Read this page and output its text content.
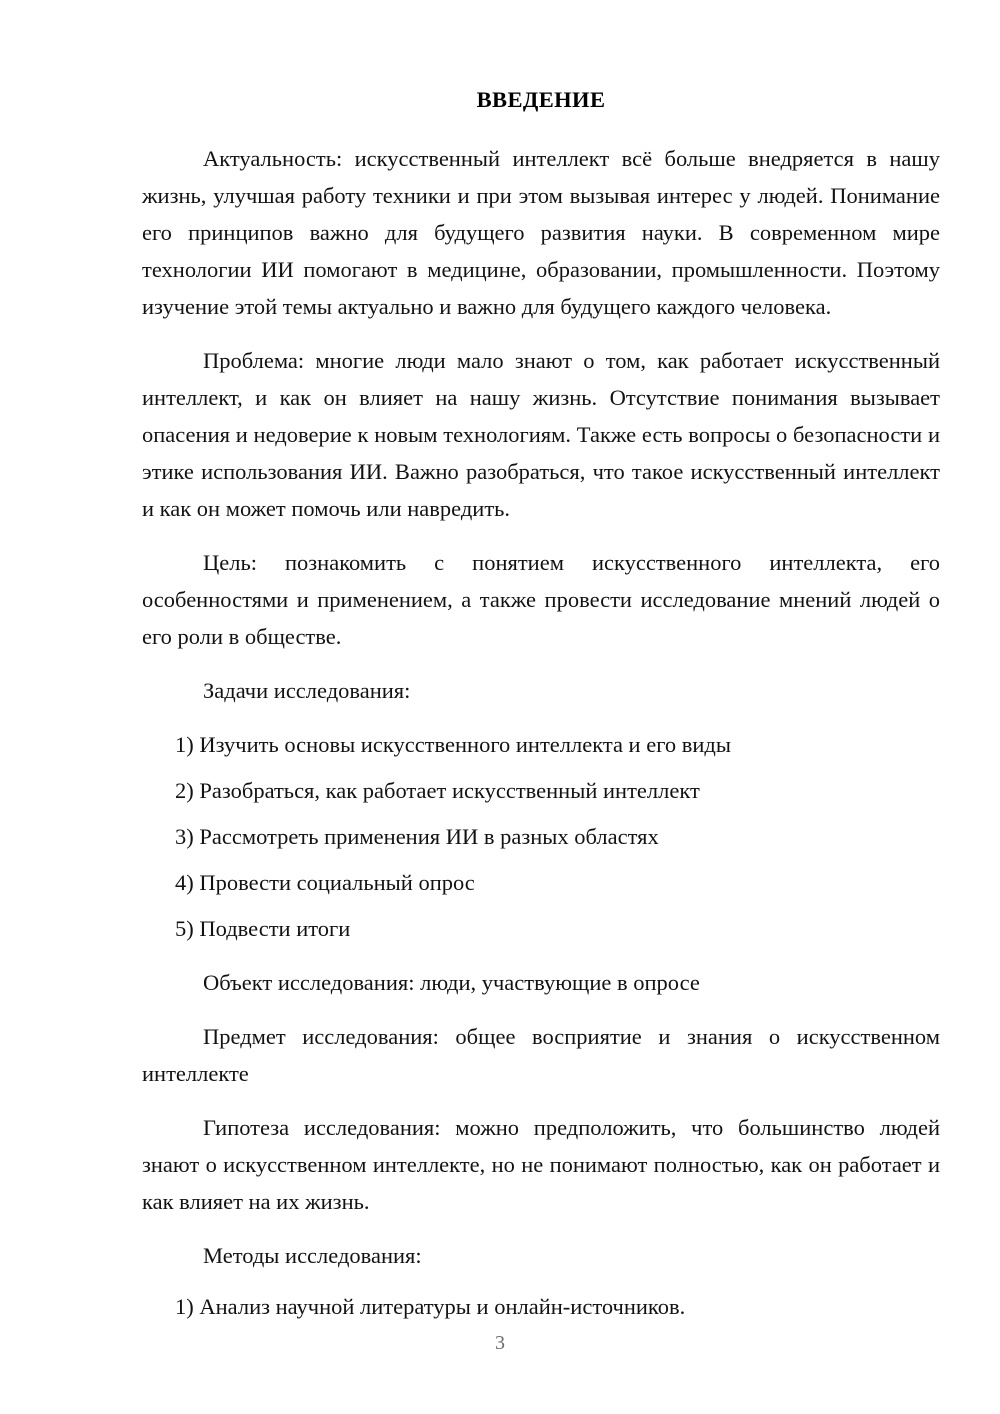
ВВЕДЕНИЕ

Актуальность: искусственный интеллект всё больше внедряется в нашу жизнь, улучшая работу техники и при этом вызывая интерес у людей. Понимание его принципов важно для будущего развития науки. В современном мире технологии ИИ помогают в медицине, образовании, промышленности. Поэтому изучение этой темы актуально и важно для будущего каждого человека.

Проблема: многие люди мало знают о том, как работает искусственный интеллект, и как он влияет на нашу жизнь. Отсутствие понимания вызывает опасения и недоверие к новым технологиям. Также есть вопросы о безопасности и этике использования ИИ. Важно разобраться, что такое искусственный интеллект и как он может помочь или навредить.

Цель: познакомить с понятием искусственного интеллекта, его особенностями и применением, а также провести исследование мнений людей о его роли в обществе.

Задачи исследования:

1) Изучить основы искусственного интеллекта и его виды
2) Разобраться, как работает искусственный интеллект
3) Рассмотреть применения ИИ в разных областях
4) Провести социальный опрос
5) Подвести итоги

Объект исследования: люди, участвующие в опросе

Предмет исследования: общее восприятие и знания о искусственном интеллекте

Гипотеза исследования: можно предположить, что большинство людей знают о искусственном интеллекте, но не понимают полностью, как он работает и как влияет на их жизнь.

Методы исследования:

1) Анализ научной литературы и онлайн-источников.
3
